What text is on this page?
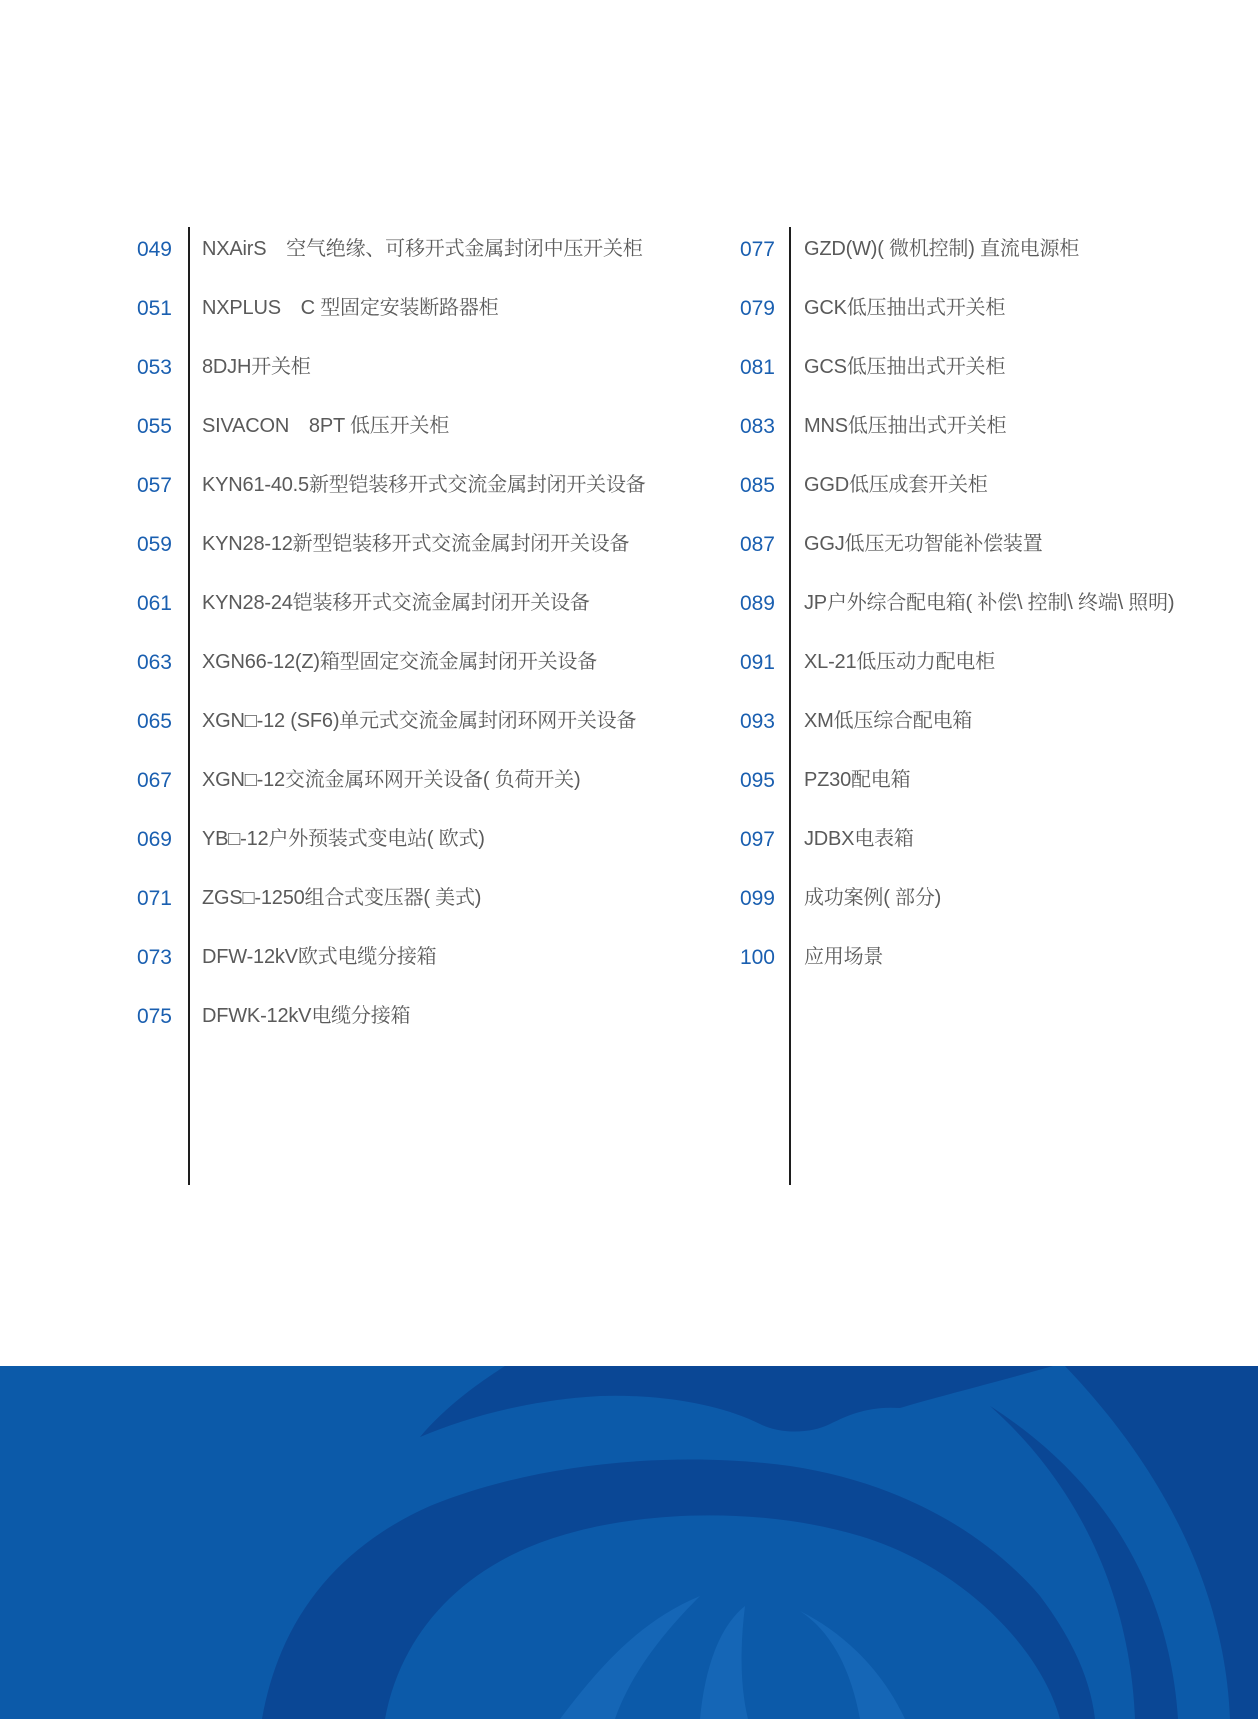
049 NXAirS　空气绝缘、可移开式金属封闭中压开关柜
051 NXPLUS　C 型固定安装断路器柜
053 8DJH开关柜
055 SIVACON　8PT 低压开关柜
057 KYN61-40.5新型铠装移开式交流金属封闭开关设备
059 KYN28-12新型铠装移开式交流金属封闭开关设备
061 KYN28-24铠装移开式交流金属封闭开关设备
063 XGN66-12(Z)箱型固定交流金属封闭开关设备
065 XGN□-12 (SF6)单元式交流金属封闭环网开关设备
067 XGN□-12交流金属环网开关设备( 负荷开关)
069 YB□-12户外预装式变电站( 欧式)
071 ZGS□-1250组合式变压器( 美式)
073 DFW-12kV欧式电缆分接箱
075 DFWK-12kV电缆分接箱
077 GZD(W)( 微机控制) 直流电源柜
079 GCK低压抽出式开关柜
081 GCS低压抽出式开关柜
083 MNS低压抽出式开关柜
085 GGD低压成套开关柜
087 GGJ低压无功智能补偿装置
089 JP户外综合配电箱( 补偿\ 控制\ 终端\ 照明)
091 XL-21低压动力配电柜
093 XM低压综合配电箱
095 PZ30配电箱
097 JDBX电表箱
099 成功案例( 部分)
100 应用场景
